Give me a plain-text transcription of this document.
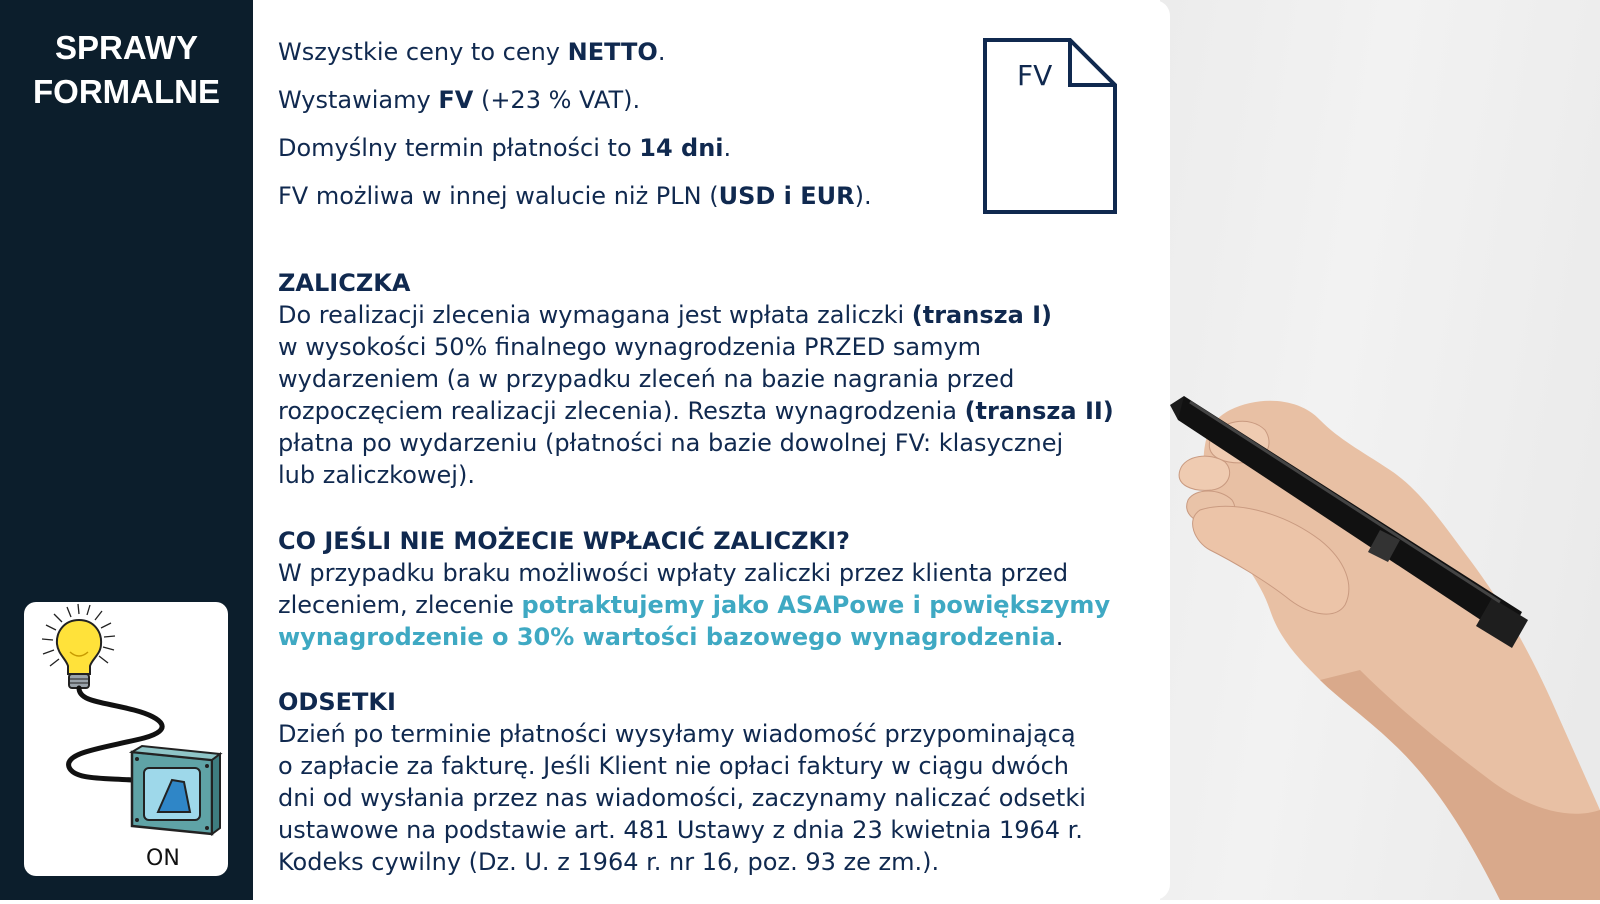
SPRAWY
FORMALNE
ON
Wszystkie ceny to ceny NETTO.
Wystawiamy FV (+23 % VAT).
Domyślny termin płatności to 14 dni.
FV możliwa w innej walucie niż PLN (USD i EUR).
FV
ZALICZKA
Do realizacji zlecenia wymagana jest wpłata zaliczki (transza I)
w wysokości 50% finalnego wynagrodzenia PRZED samym
wydarzeniem (a w przypadku zleceń na bazie nagrania przed
rozpoczęciem realizacji zlecenia). Reszta wynagrodzenia (transza II)
płatna po wydarzeniu (płatności na bazie dowolnej FV: klasycznej
lub zaliczkowej).
CO JEŚLI NIE MOŻECIE WPŁACIĆ ZALICZKI?
W przypadku braku możliwości wpłaty zaliczki przez klienta przed
zleceniem, zlecenie potraktujemy jako ASAPowe i powiększymy
wynagrodzenie o 30% wartości bazowego wynagrodzenia.
ODSETKI
Dzień po terminie płatności wysyłamy wiadomość przypominającą
o zapłacie za fakturę. Jeśli Klient nie opłaci faktury w ciągu dwóch
dni od wysłania przez nas wiadomości, zaczynamy naliczać odsetki
ustawowe na podstawie art. 481 Ustawy z dnia 23 kwietnia 1964 r.
Kodeks cywilny (Dz. U. z 1964 r. nr 16, poz. 93 ze zm.).
